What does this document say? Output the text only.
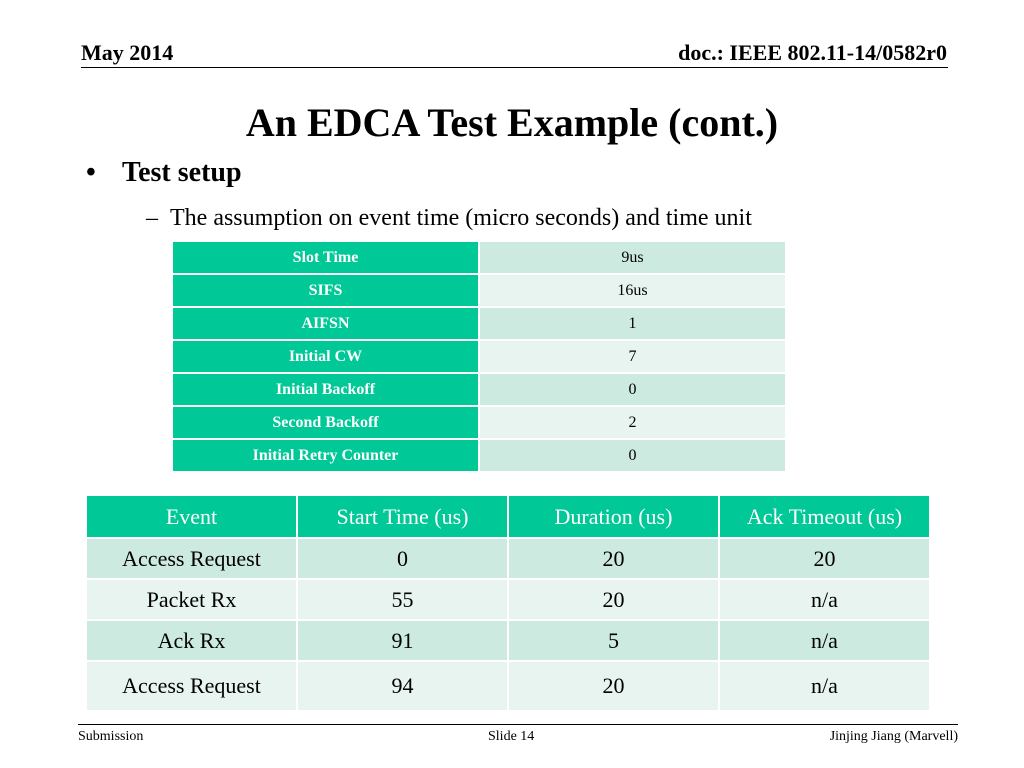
May 2014	doc.: IEEE 802.11-14/0582r0
An EDCA Test Example (cont.)
• Test setup
– The assumption on event time (micro seconds) and time unit
Slot Time	9us
SIFS	16us
AIFSN	1
Initial CW	7
Initial Backoff	0
Second Backoff	2
Initial Retry Counter	0
Event	Start Time (us)	Duration (us)	Ack Timeout (us)
Access Request	0	20	20
Packet Rx	55	20	n/a
Ack Rx	91	5	n/a
Access Request	94	20	n/a
Submission	Slide 14	Jinjing Jiang (Marvell)
